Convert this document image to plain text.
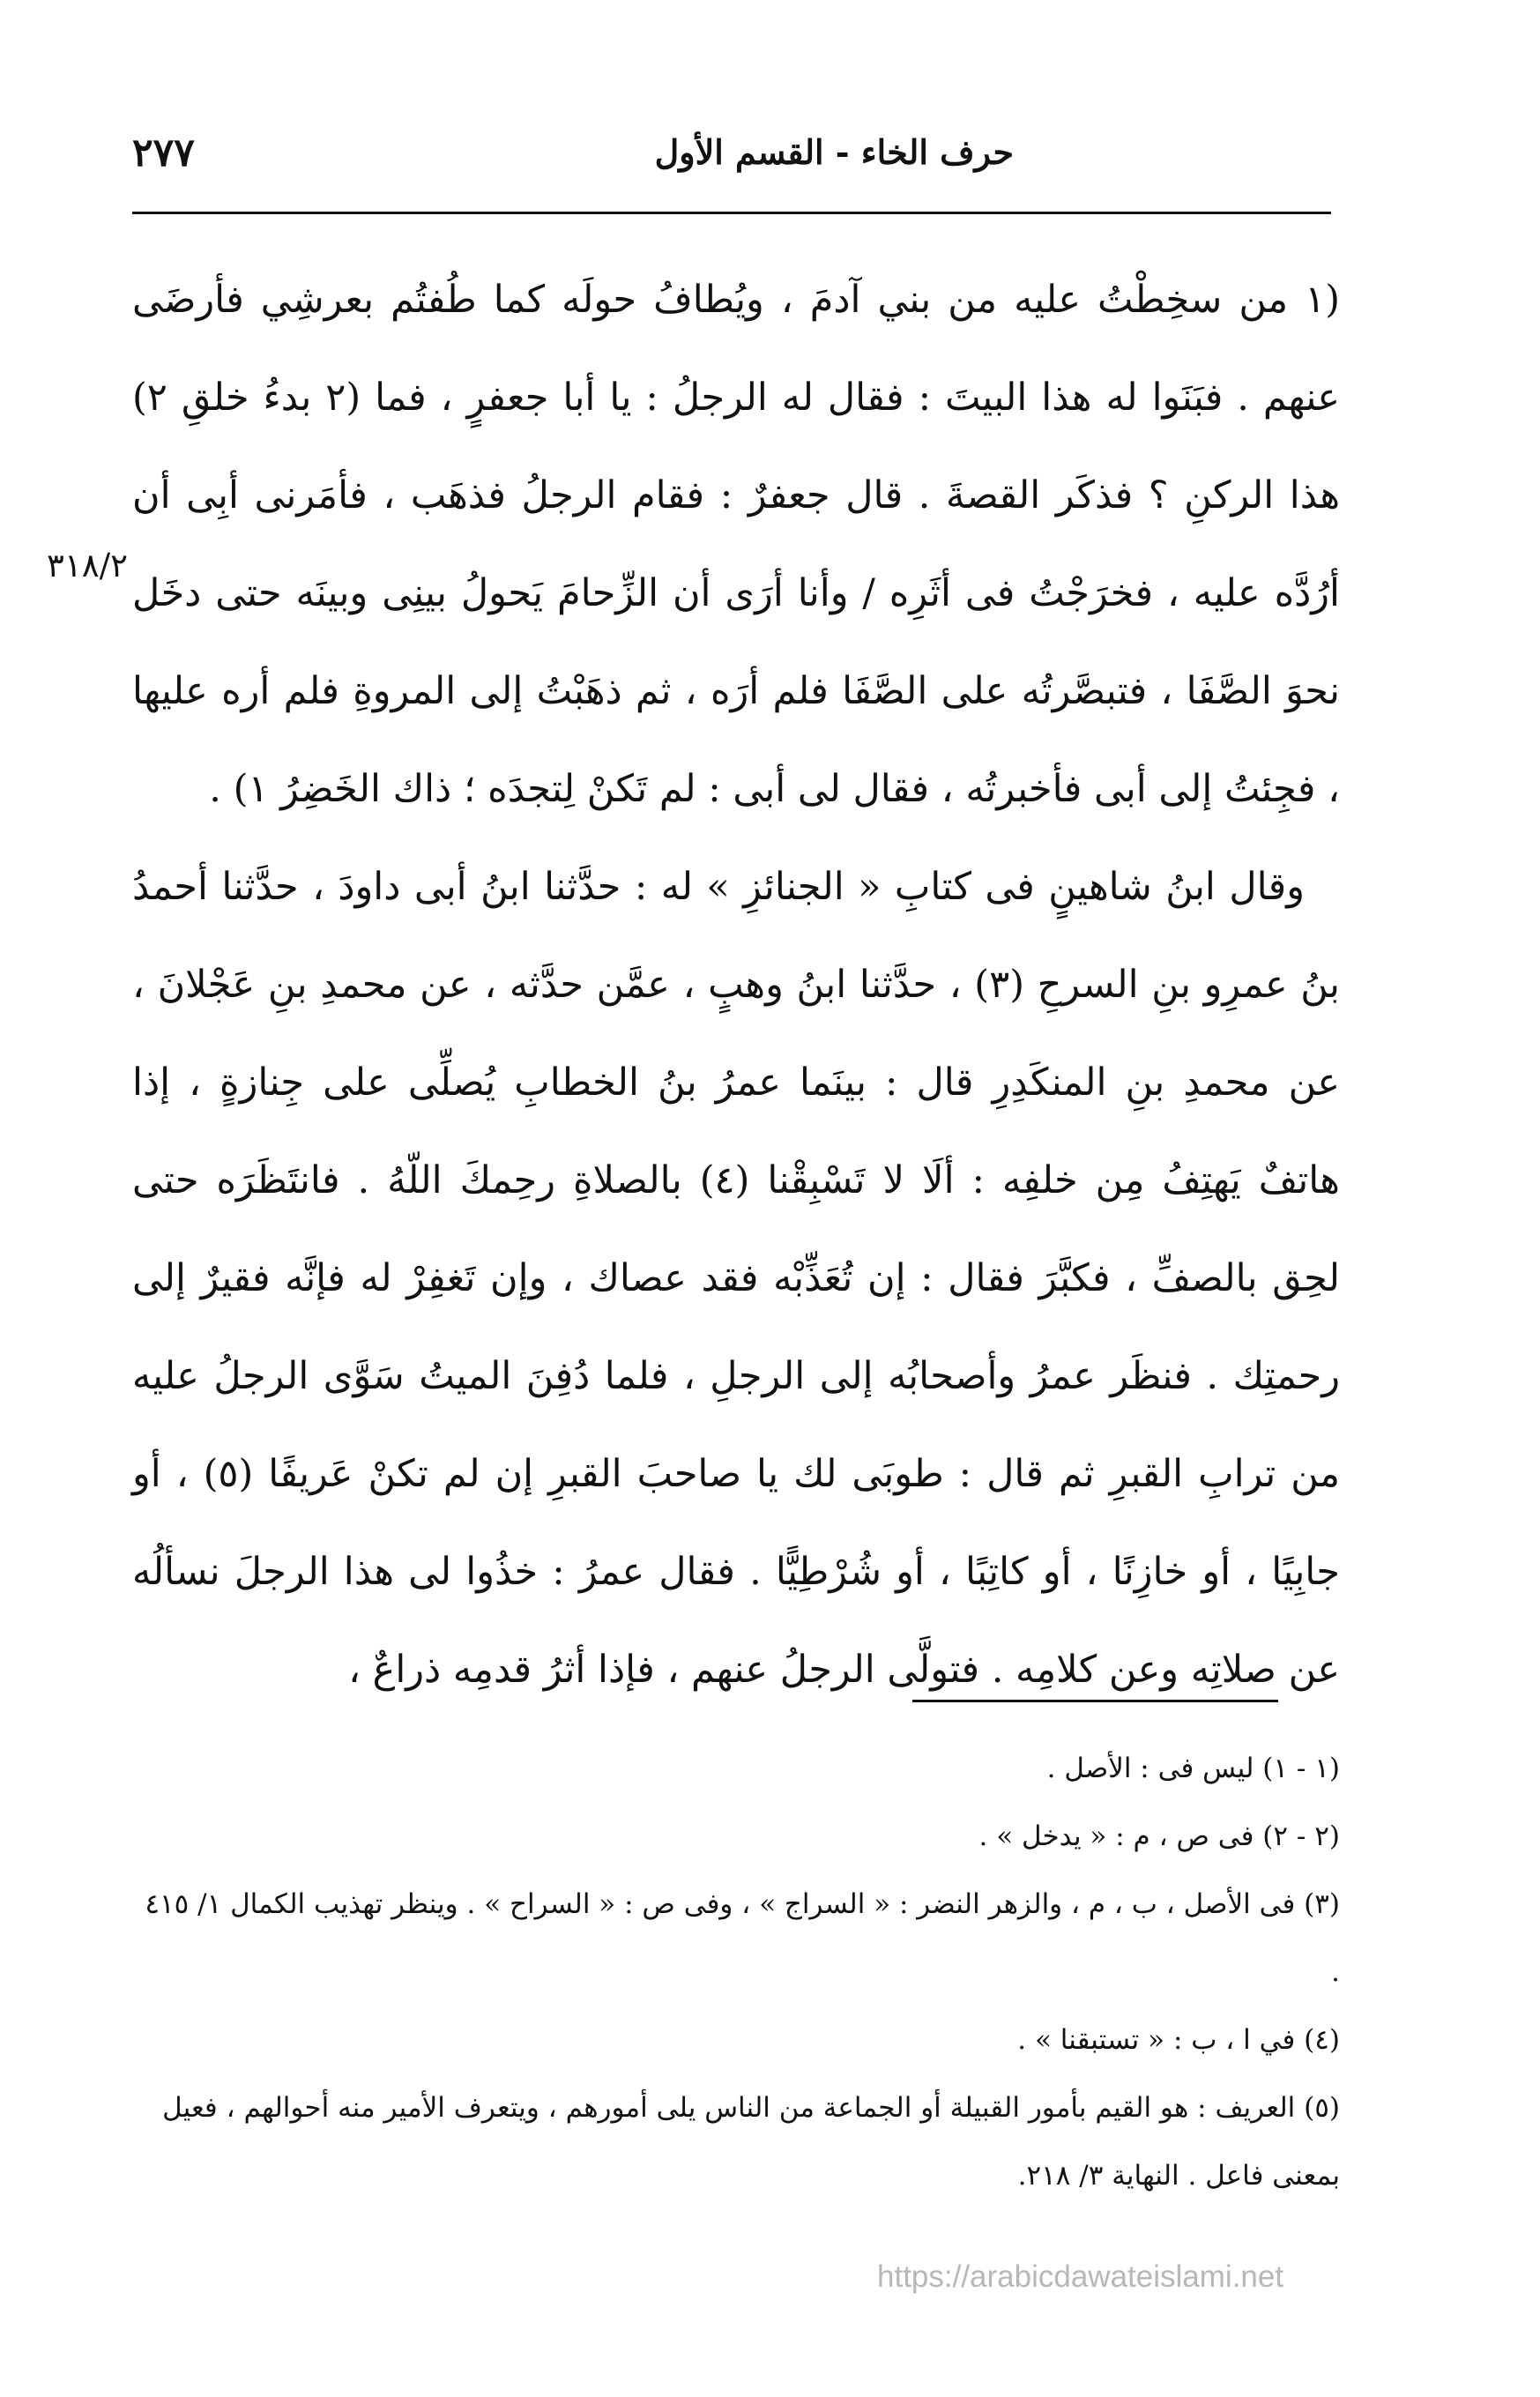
حرف الخاء - القسم الأول
٢٧٧
٣١٨/٢

(١ من سخِطْتُ عليه من بني آدمَ ، ويُطافُ حولَه كما طُفتُم بعرشِي فأرضَى عنهم . فبَنَوا له هذا البيتَ : فقال له الرجلُ : يا أبا جعفرٍ ، فما (٢ بدءُ خلقِ ٢) هذا الركنِ ؟ فذكَر القصةَ . قال جعفرٌ : فقام الرجلُ فذهَب ، فأمَرنى أبِى أن أرُدَّه عليه ، فخرَجْتُ فى أثَرِه / وأنا أرَى أن الزِّحامَ يَحولُ بينِى وبينَه حتى دخَل نحوَ الصَّفَا ، فتبصَّرتُه على الصَّفَا فلم أرَه ، ثم ذهَبْتُ إلى المروةِ فلم أره عليها ، فجِئتُ إلى أبى فأخبرتُه ، فقال لى أبى : لم تَكنْ لِتجدَه ؛ ذاك الخَضِرُ ١) .

وقال ابنُ شاهينٍ فى كتابِ « الجنائزِ » له : حدَّثنا ابنُ أبى داودَ ، حدَّثنا أحمدُ بنُ عمرِو بنِ السرحِ (٣) ، حدَّثنا ابنُ وهبٍ ، عمَّن حدَّثه ، عن محمدِ بنِ عَجْلانَ ، عن محمدِ بنِ المنكَدِرِ قال : بينَما عمرُ بنُ الخطابِ يُصلِّى على جِنازةٍ ، إذا هاتفٌ يَهتِفُ مِن خلفِه : ألَا لا تَسْبِقْنا (٤) بالصلاةِ رحِمكَ اللّهُ . فانتَظَرَه حتى لحِق بالصفِّ ، فكبَّرَ فقال : إن تُعَذِّبْه فقد عصاك ، وإن تَغفِرْ له فإنَّه فقيرٌ إلى رحمتِك . فنظَر عمرُ وأصحابُه إلى الرجلِ ، فلما دُفِنَ الميتُ سَوَّى الرجلُ عليه من ترابِ القبرِ ثم قال : طوبَى لك يا صاحبَ القبرِ إن لم تكنْ عَريفًا (٥) ، أو جابِيًا ، أو خازِنًا ، أو كاتِبًا ، أو شُرْطِيًّا . فقال عمرُ : خذُوا لى هذا الرجلَ نسألُه عن صلاتِه وعن كلامِه . فتولَّى الرجلُ عنهم ، فإذا أثرُ قدمِه ذراعٌ ،

(١ - ١) ليس فى : الأصل .

(٢ - ٢) فى ص ، م : « يدخل » .

(٣) فى الأصل ، ب ، م ، والزهر النضر : « السراج » ، وفى ص : « السراح » . وينظر تهذيب الكمال ١/ ٤١٥ .

(٤) في ا ، ب : « تستبقنا » .

(٥) العريف : هو القيم بأمور القبيلة أو الجماعة من الناس يلى أمورهم ، ويتعرف الأمير منه أحوالهم ، فعيل بمعنى فاعل . النهاية ٣/ ٢١٨.

https://arabicdawateislami.net
